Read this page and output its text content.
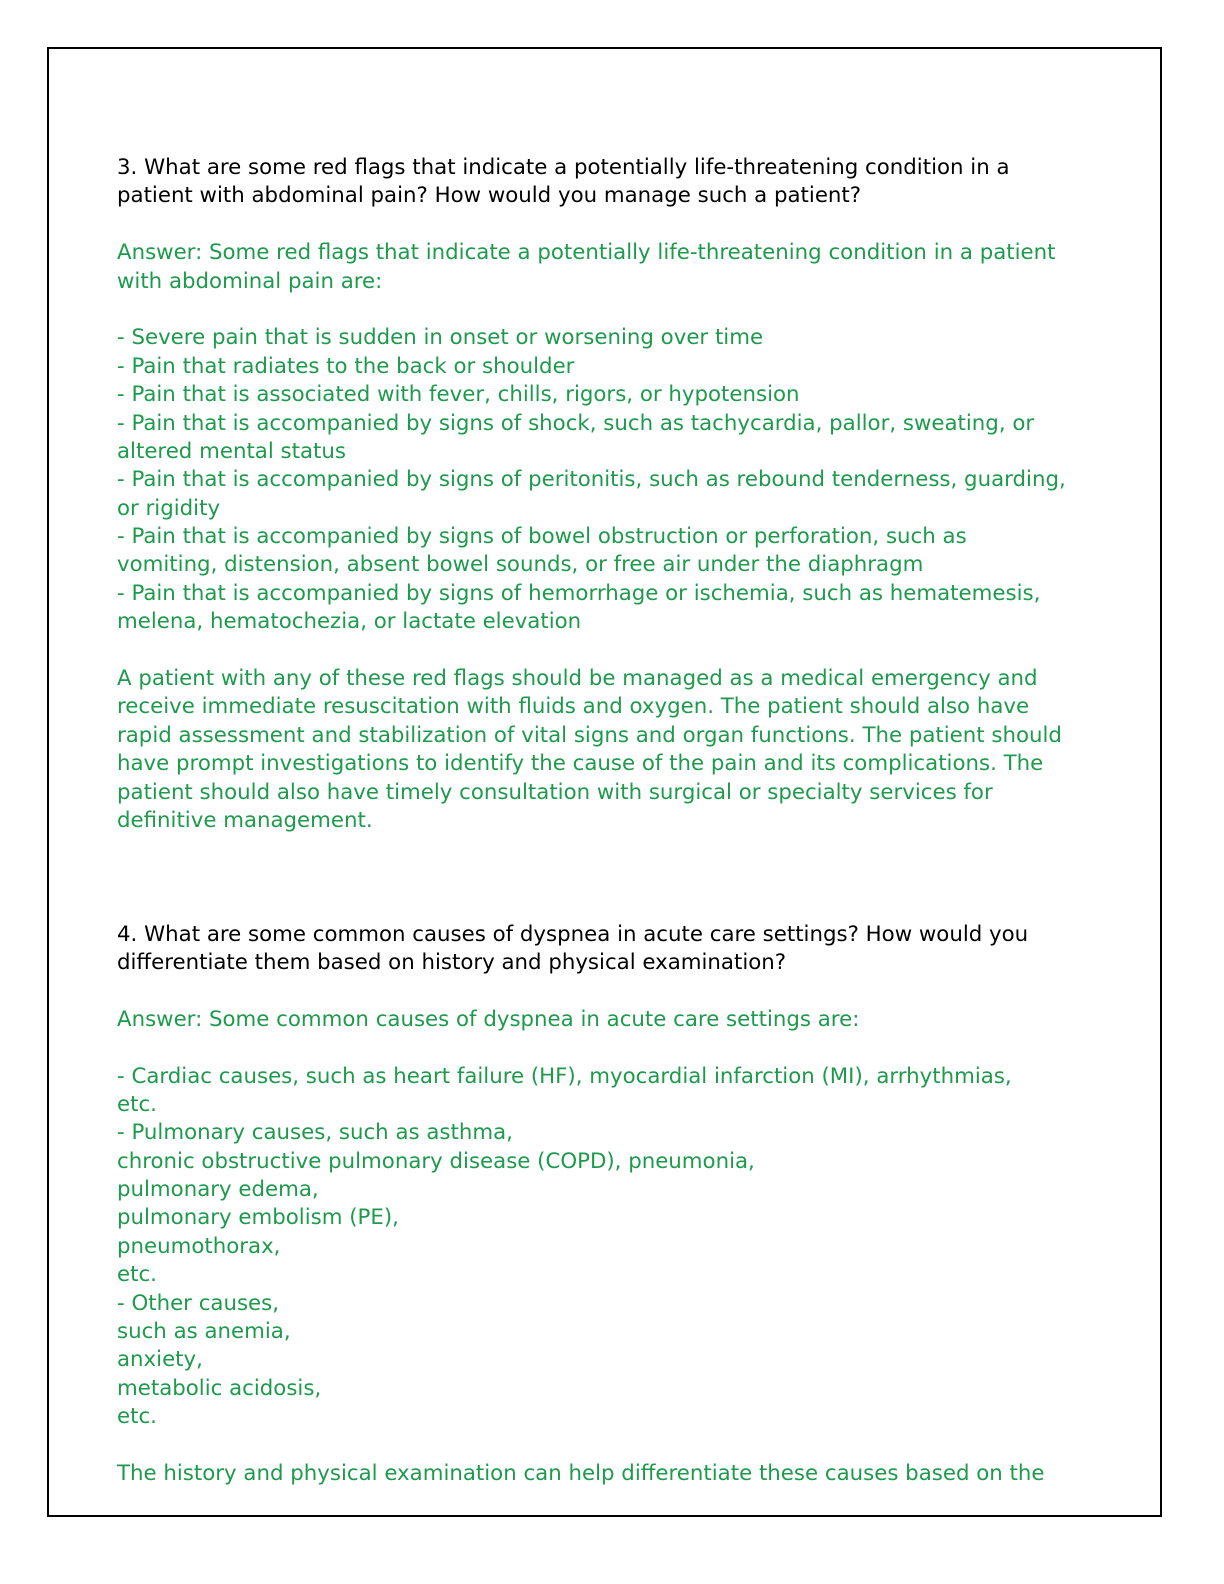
3. What are some red flags that indicate a potentially life-threatening condition in a
patient with abdominal pain? How would you manage such a patient?
Answer: Some red flags that indicate a potentially life-threatening condition in a patient
with abdominal pain are:
- Severe pain that is sudden in onset or worsening over time
- Pain that radiates to the back or shoulder
- Pain that is associated with fever, chills, rigors, or hypotension
- Pain that is accompanied by signs of shock, such as tachycardia, pallor, sweating, or
altered mental status
- Pain that is accompanied by signs of peritonitis, such as rebound tenderness, guarding,
or rigidity
- Pain that is accompanied by signs of bowel obstruction or perforation, such as
vomiting, distension, absent bowel sounds, or free air under the diaphragm
- Pain that is accompanied by signs of hemorrhage or ischemia, such as hematemesis,
melena, hematochezia, or lactate elevation
A patient with any of these red flags should be managed as a medical emergency and
receive immediate resuscitation with fluids and oxygen. The patient should also have
rapid assessment and stabilization of vital signs and organ functions. The patient should
have prompt investigations to identify the cause of the pain and its complications. The
patient should also have timely consultation with surgical or specialty services for
definitive management.
4. What are some common causes of dyspnea in acute care settings? How would you
differentiate them based on history and physical examination?
Answer: Some common causes of dyspnea in acute care settings are:
- Cardiac causes, such as heart failure (HF), myocardial infarction (MI), arrhythmias,
etc.
- Pulmonary causes, such as asthma,
chronic obstructive pulmonary disease (COPD), pneumonia,
pulmonary edema,
pulmonary embolism (PE),
pneumothorax,
etc.
- Other causes,
such as anemia,
anxiety,
metabolic acidosis,
etc.
The history and physical examination can help differentiate these causes based on the
